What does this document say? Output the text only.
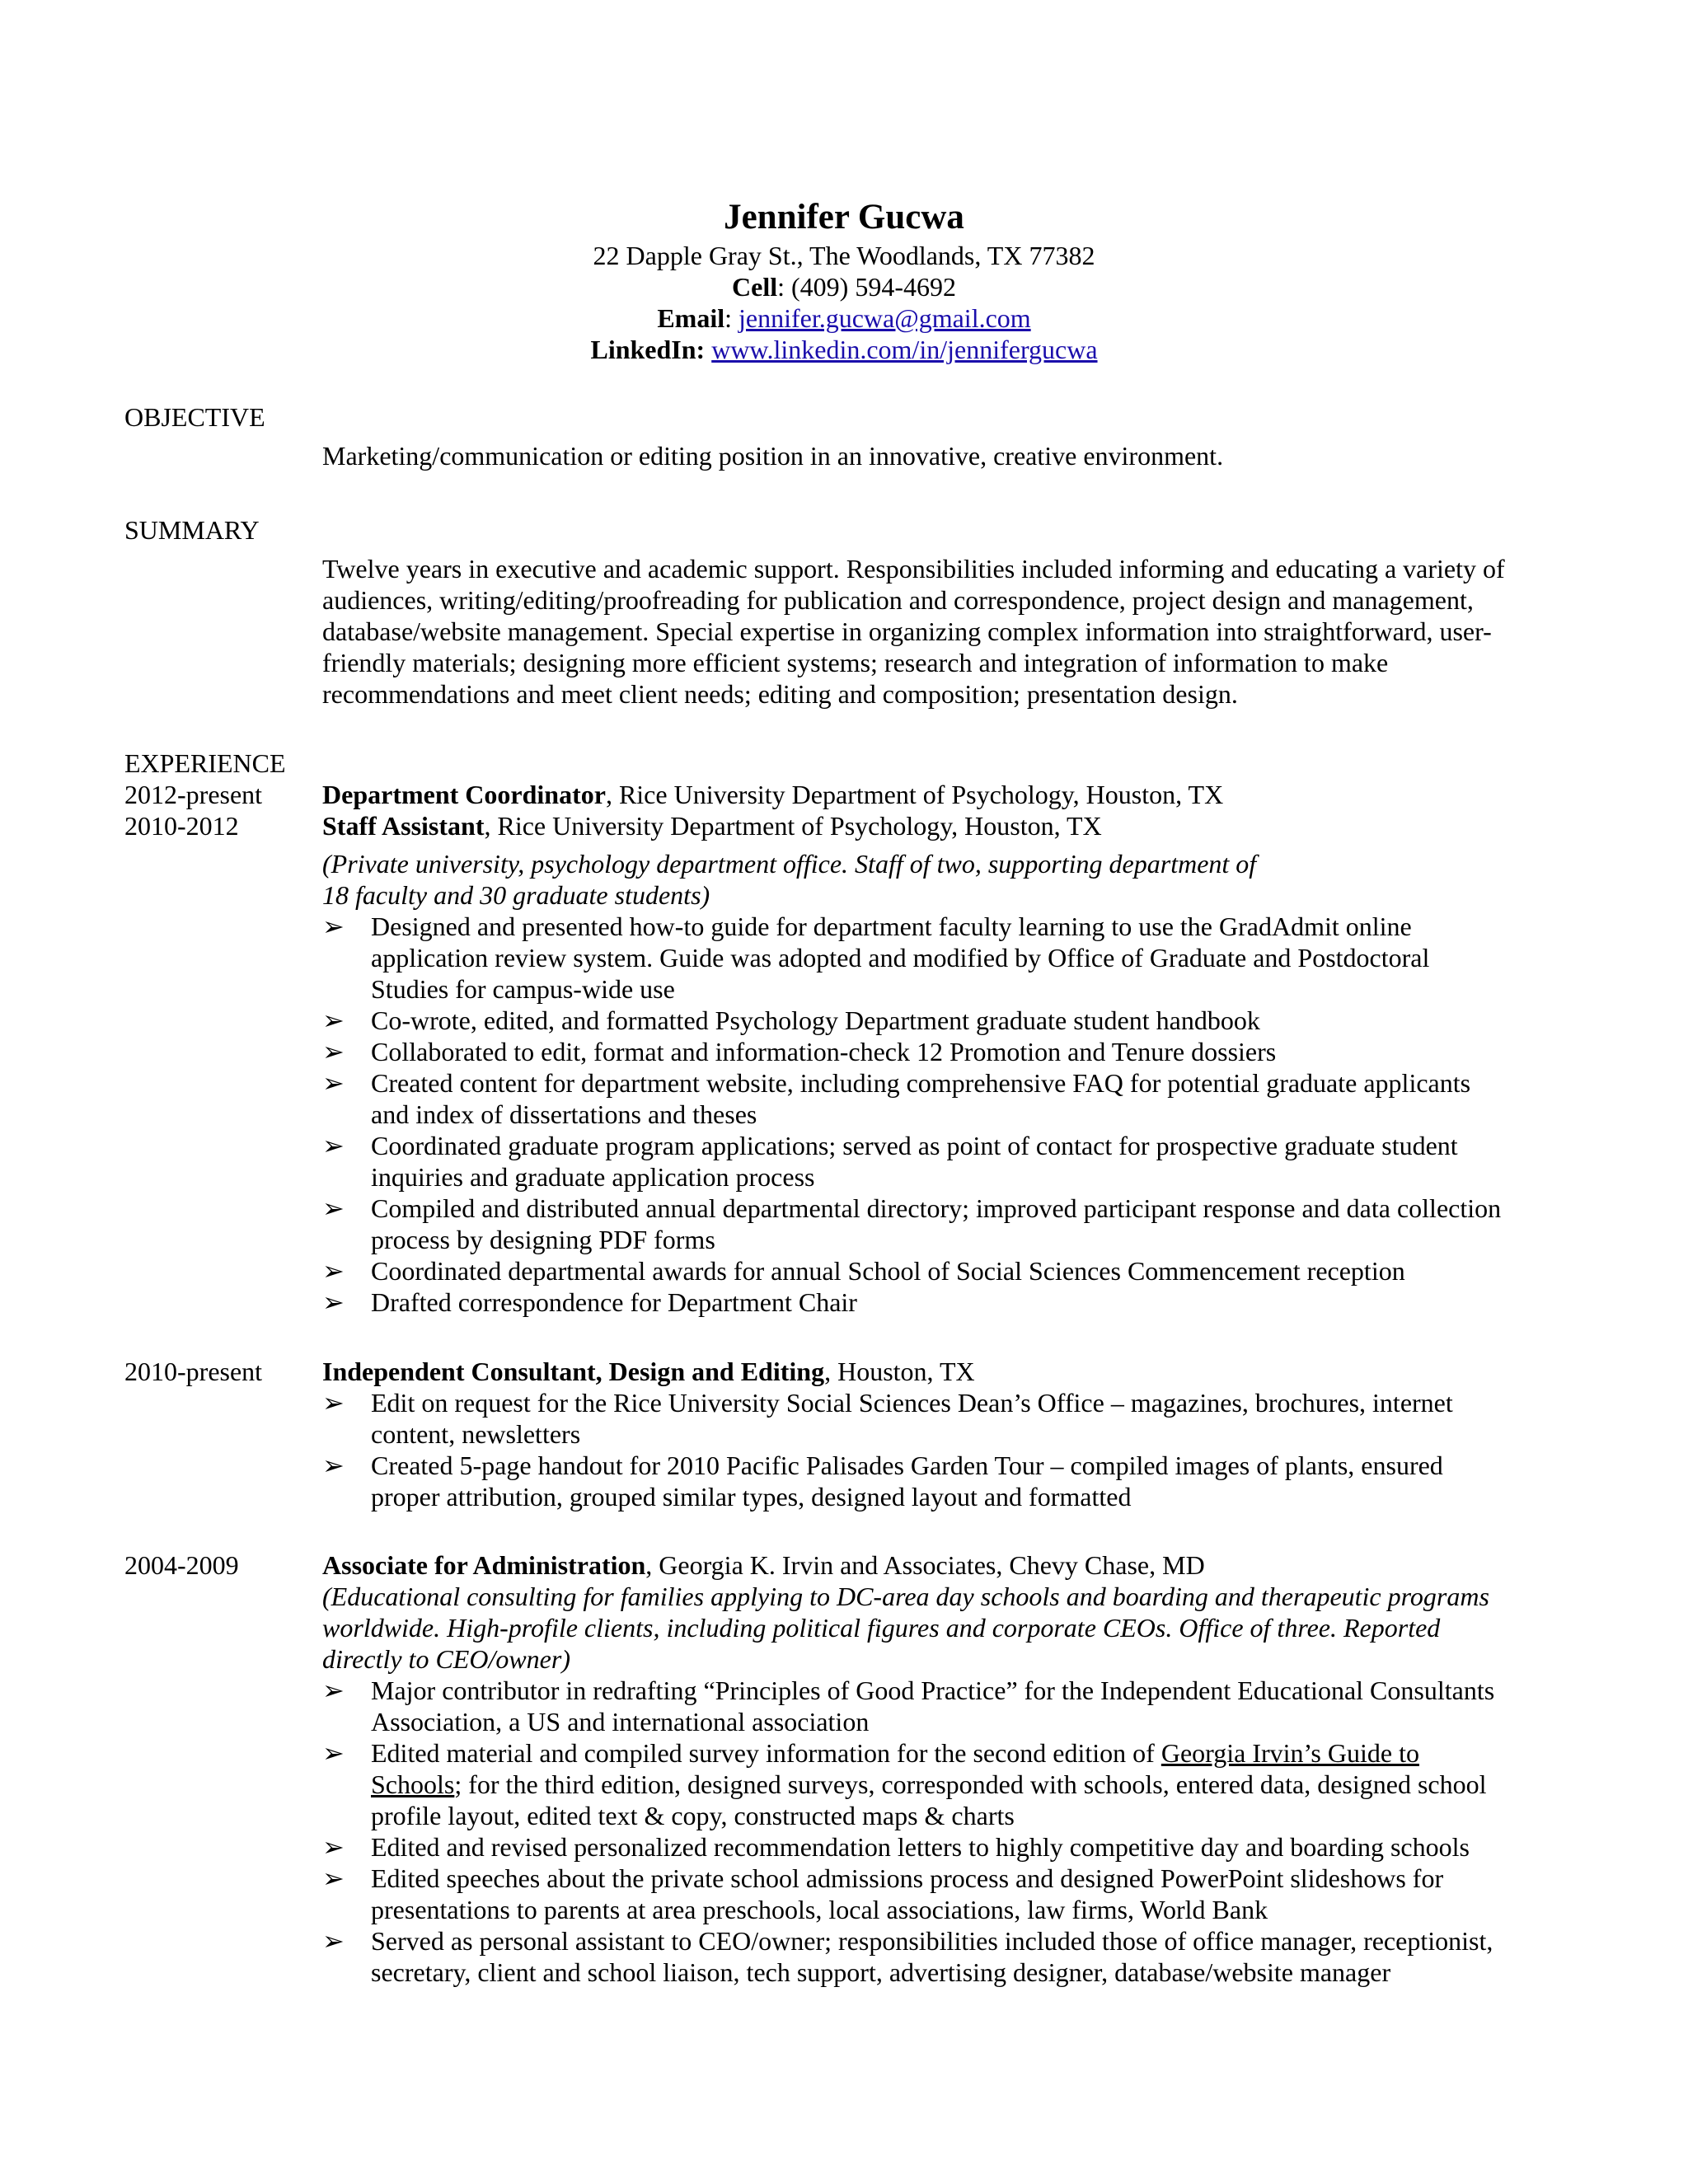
Jennifer Gucwa
22 Dapple Gray St., The Woodlands, TX 77382
Cell: (409) 594-4692
Email: jennifer.gucwa@gmail.com
LinkedIn: www.linkedin.com/in/jennifergucwa
OBJECTIVE
Marketing/communication or editing position in an innovative, creative environment.
SUMMARY

Twelve years in executive and academic support. Responsibilities included informing and educating a variety of

audiences, writing/editing/proofreading for publication and correspondence, project design and management,

database/website management. Special expertise in organizing complex information into straightforward, user-

friendly materials; designing more efficient systems; research and integration of information to make

recommendations and meet client needs; editing and composition; presentation design.

EXPERIENCE
2012-present Department Coordinator, Rice University Department of Psychology, Houston, TX
2010-2012	Staff Assistant, Rice University Department of Psychology, Houston, TX

(Private university, psychology department office. Staff of two, supporting department of

18 faculty and 30 graduate students)

➢	Designed and presented how-to guide for department faculty learning to use the GradAdmit online
application review system. Guide was adopted and modified by Office of Graduate and Postdoctoral
Studies for campus-wide use
➢	Co-wrote, edited, and formatted Psychology Department graduate student handbook
➢	Collaborated to edit, format and information-check 12 Promotion and Tenure dossiers
➢	Created content for department website, including comprehensive FAQ for potential graduate applicants
and index of dissertations and theses
➢	Coordinated graduate program applications; served as point of contact for prospective graduate student
inquiries and graduate application process
➢	Compiled and distributed annual departmental directory; improved participant response and data collection
process by designing PDF forms
➢	Coordinated departmental awards for annual School of Social Sciences Commencement reception
➢	Drafted correspondence for Department Chair
2010-present Independent Consultant, Design and Editing, Houston, TX

➢	Edit on request for the Rice University Social Sciences Dean’s Office – magazines, brochures, internet
content, newsletters
➢	Created 5-page handout for 2010 Pacific Palisades Garden Tour – compiled images of plants, ensured
proper attribution, grouped similar types, designed layout and formatted
2004-2009	Associate for Administration, Georgia K. Irvin and Associates, Chevy Chase, MD

(Educational consulting for families applying to DC-area day schools and boarding and therapeutic programs

worldwide. High-profile clients, including political figures and corporate CEOs. Office of three. Reported

directly to CEO/owner)

➢	Major contributor in redrafting “Principles of Good Practice” for the Independent Educational Consultants
Association, a US and international association
➢	Edited material and compiled survey information for the second edition of Georgia Irvin’s Guide to
Schools; for the third edition, designed surveys, corresponded with schools, entered data, designed school
profile layout, edited text & copy, constructed maps & charts
➢	Edited and revised personalized recommendation letters to highly competitive day and boarding schools
➢	Edited speeches about the private school admissions process and designed PowerPoint slideshows for
presentations to parents at area preschools, local associations, law firms, World Bank
➢	Served as personal assistant to CEO/owner; responsibilities included those of office manager, receptionist,
secretary, client and school liaison, tech support, advertising designer, database/website manager
